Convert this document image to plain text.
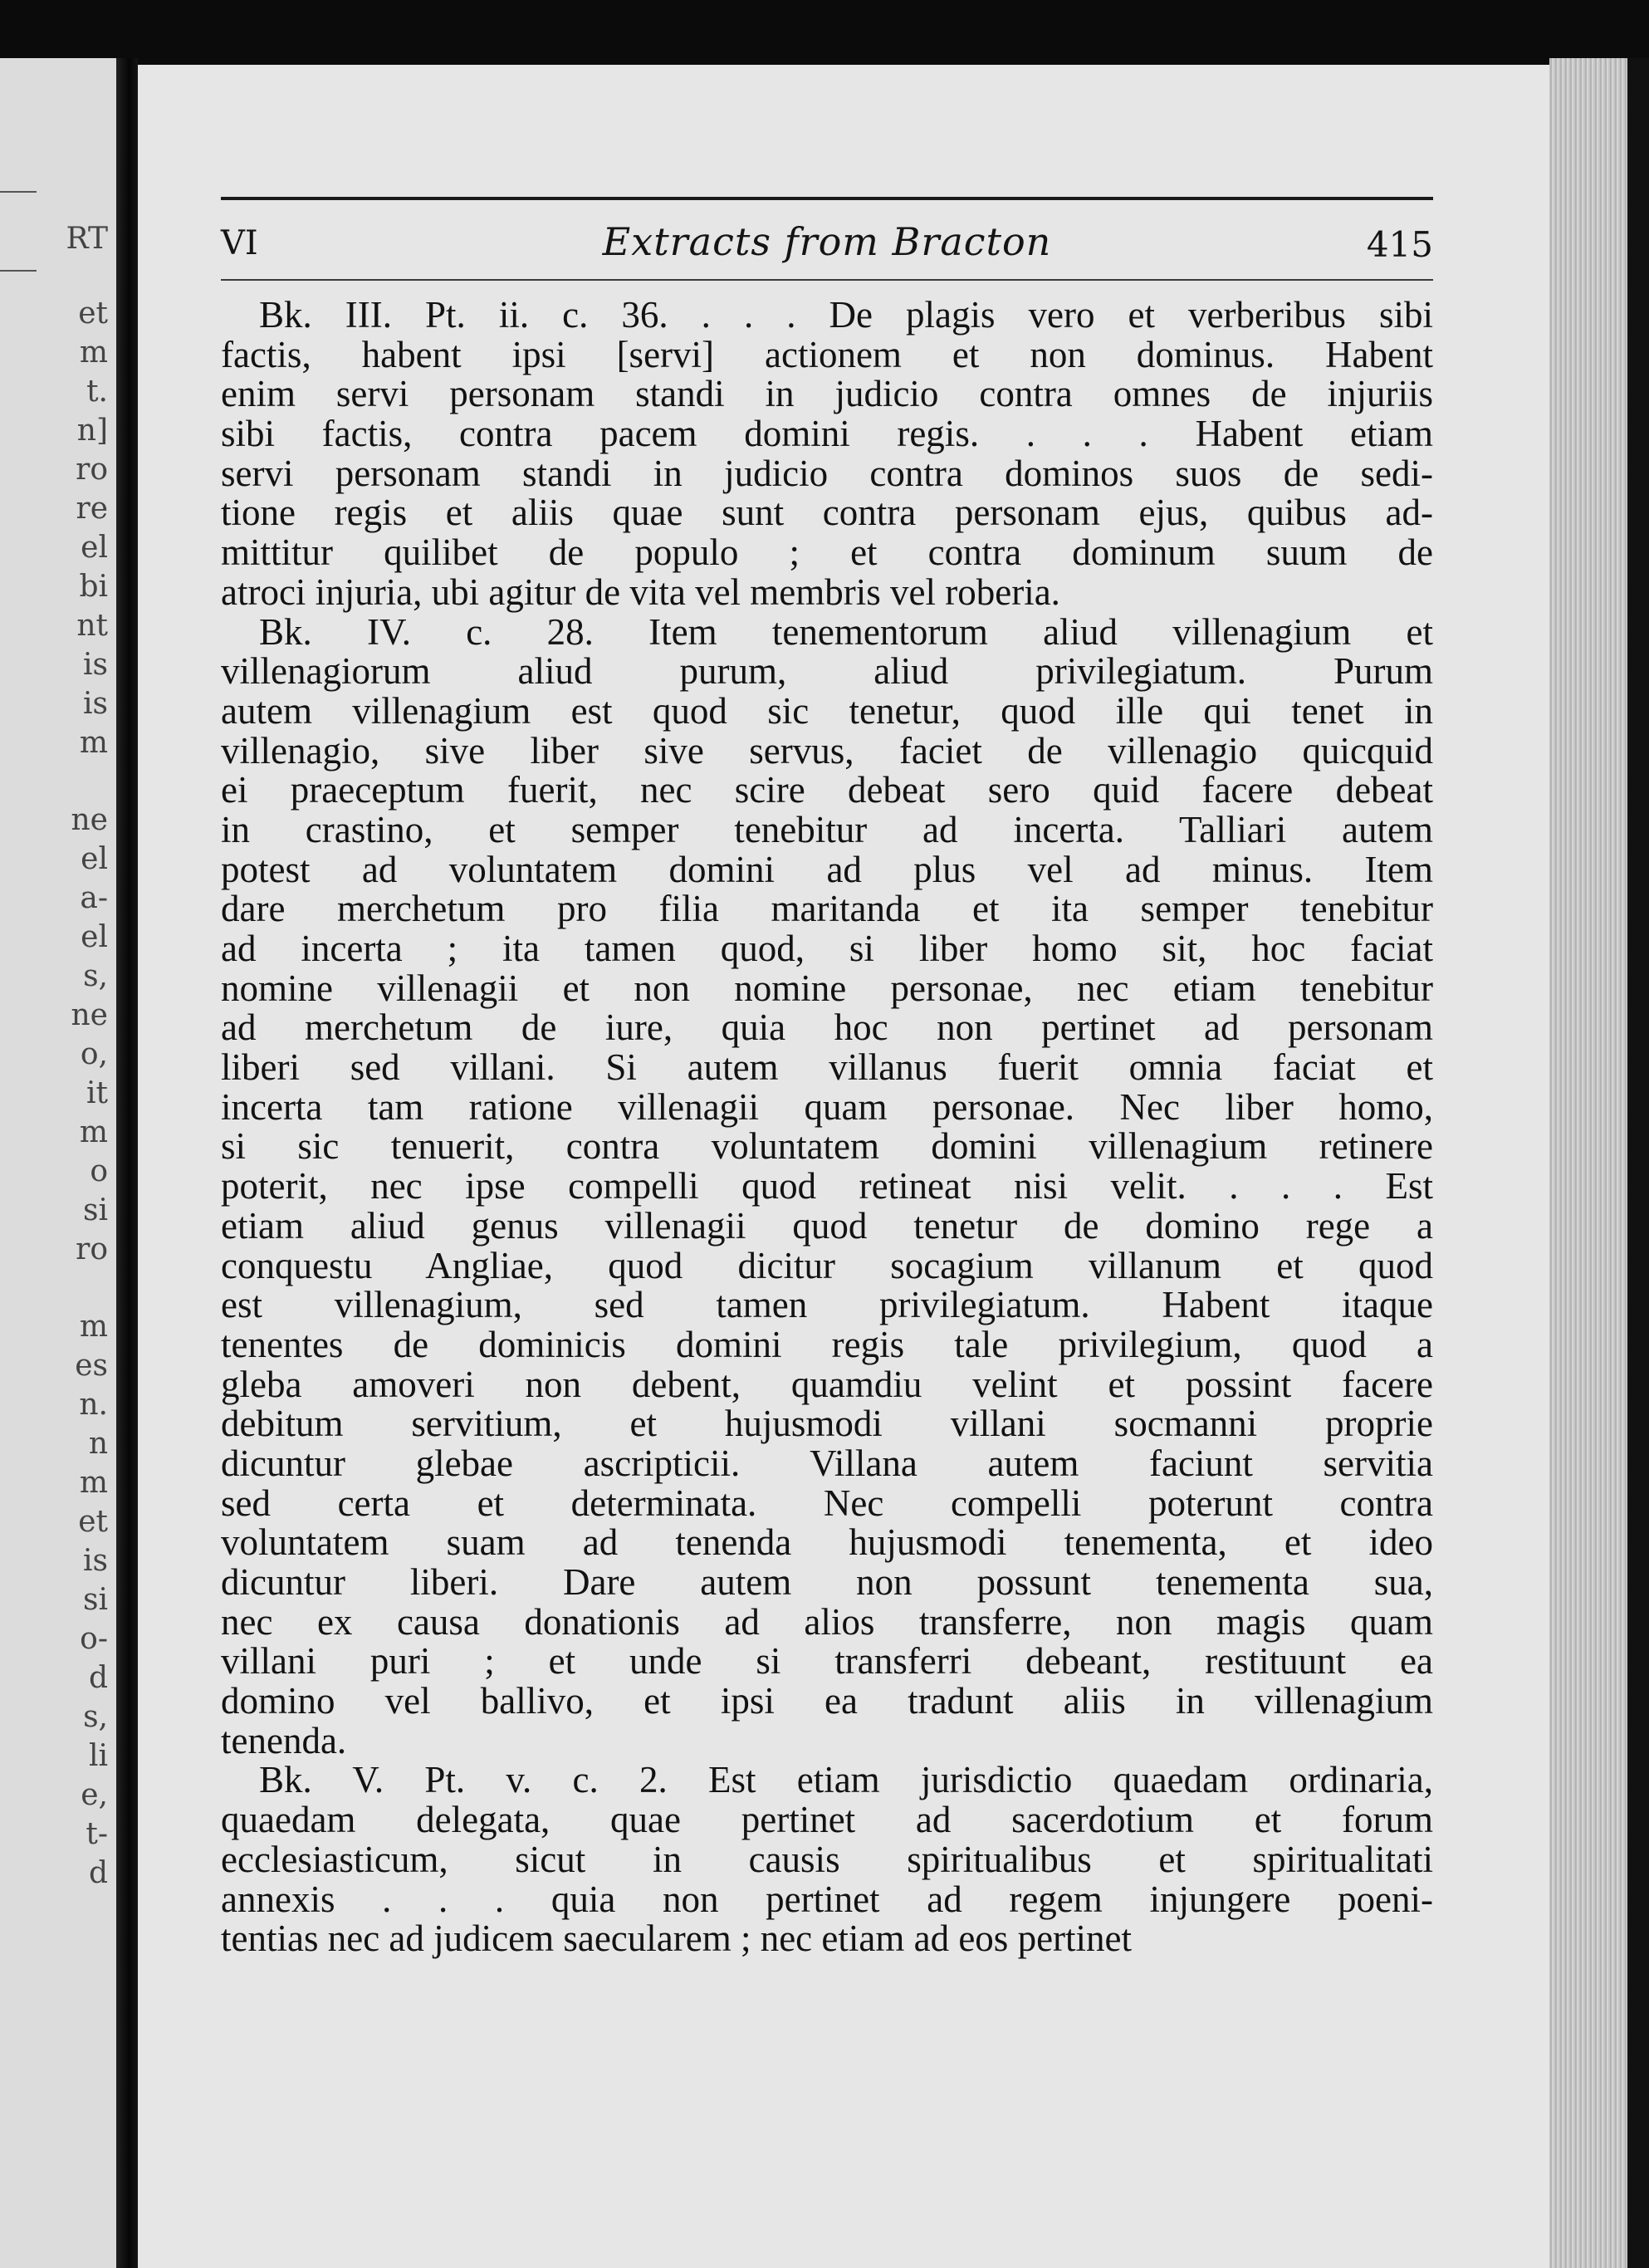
RT
et
m
t.
n]
ro
re
el
bi
nt
is
is
m
ne
el
a-
el
s,
ne
o,
it
m
o
si
ro
m
es
n.
n
m
et
is
si
o-
d
s,
li
e,
t-
d
VI	Extracts from Bracton	415
Bk. III. Pt. ii. c. 36. . . . De plagis vero et verberibus sibi
factis, habent ipsi [servi] actionem et non dominus. Habent
enim servi personam standi in judicio contra omnes de injuriis
sibi factis, contra pacem domini regis. . . . Habent etiam
servi personam standi in judicio contra dominos suos de sedi-
tione regis et aliis quae sunt contra personam ejus, quibus ad-
mittitur quilibet de populo ; et contra dominum suum de
atroci injuria, ubi agitur de vita vel membris vel roberia.
Bk. IV. c. 28. Item tenementorum aliud villenagium et
villenagiorum aliud purum, aliud privilegiatum. Purum
autem villenagium est quod sic tenetur, quod ille qui tenet in
villenagio, sive liber sive servus, faciet de villenagio quicquid
ei praeceptum fuerit, nec scire debeat sero quid facere debeat
in crastino, et semper tenebitur ad incerta. Talliari autem
potest ad voluntatem domini ad plus vel ad minus. Item
dare merchetum pro filia maritanda et ita semper tenebitur
ad incerta ; ita tamen quod, si liber homo sit, hoc faciat
nomine villenagii et non nomine personae, nec etiam tenebitur
ad merchetum de iure, quia hoc non pertinet ad personam
liberi sed villani. Si autem villanus fuerit omnia faciat et
incerta tam ratione villenagii quam personae. Nec liber homo,
si sic tenuerit, contra voluntatem domini villenagium retinere
poterit, nec ipse compelli quod retineat nisi velit. . . . Est
etiam aliud genus villenagii quod tenetur de domino rege a
conquestu Angliae, quod dicitur socagium villanum et quod
est villenagium, sed tamen privilegiatum. Habent itaque
tenentes de dominicis domini regis tale privilegium, quod a
gleba amoveri non debent, quamdiu velint et possint facere
debitum servitium, et hujusmodi villani socmanni proprie
dicuntur glebae ascripticii. Villana autem faciunt servitia
sed certa et determinata. Nec compelli poterunt contra
voluntatem suam ad tenenda hujusmodi tenementa, et ideo
dicuntur liberi. Dare autem non possunt tenementa sua,
nec ex causa donationis ad alios transferre, non magis quam
villani puri ; et unde si transferri debeant, restituunt ea
domino vel ballivo, et ipsi ea tradunt aliis in villenagium
tenenda.
Bk. V. Pt. v. c. 2. Est etiam jurisdictio quaedam ordinaria,
quaedam delegata, quae pertinet ad sacerdotium et forum
ecclesiasticum, sicut in causis spiritualibus et spiritualitati
annexis . . . quia non pertinet ad regem injungere poeni-
tentias nec ad judicem saecularem ; nec etiam ad eos pertinet
